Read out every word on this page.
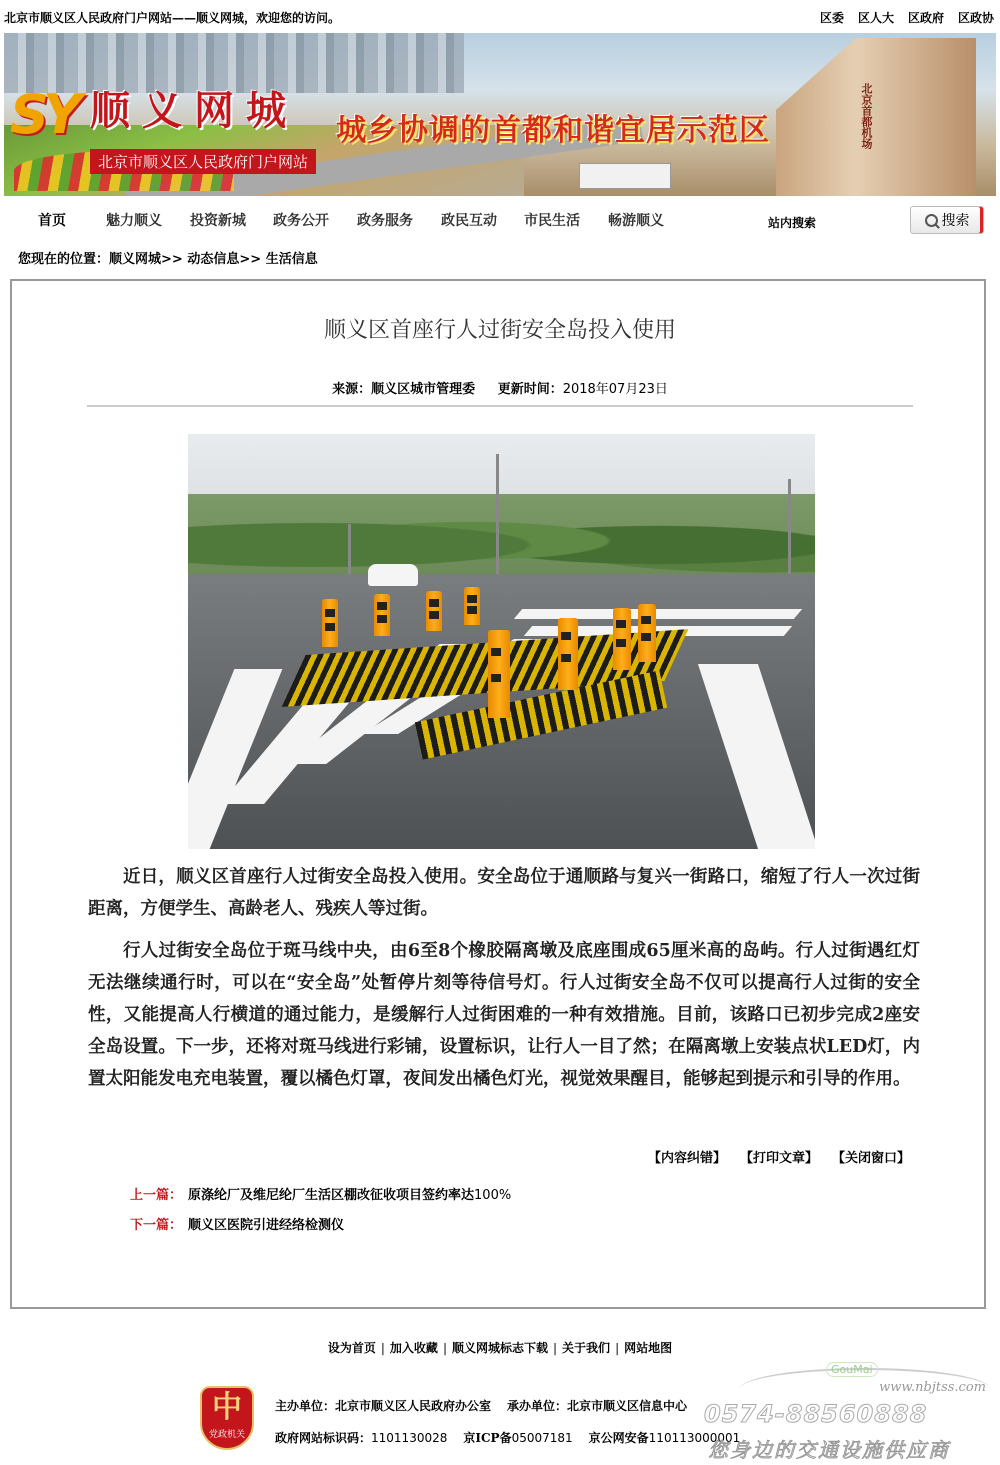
北京市顺义区人民政府门户网站——顺义网城，欢迎您的访问。	区委 区人大 区政府 区政协
北京首都机场
SY 顺义网城
北京市顺义区人民政府门户网站
城乡协调的首都和谐宜居示范区
首页	魅力顺义 投资新城 政务公开 政务服务 政民互动 市民生活 畅游顺义	站内搜索	搜索
您现在的位置：顺义网城>> 动态信息>> 生活信息
顺义区首座行人过街安全岛投入使用
来源：顺义区城市管理委 更新时间：2018年07月23日

近日，顺义区首座行人过街安全岛投入使用。安全岛位于通顺路与复兴一街路口，缩短了行人一次过街距离，方便学生、高龄老人、残疾人等过街。

行人过街安全岛位于斑马线中央，由6至8个橡胶隔离墩及底座围成65厘米高的岛屿。行人过街遇红灯无法继续通行时，可以在“安全岛”处暂停片刻等待信号灯。行人过街安全岛不仅可以提高行人过街的安全性，又能提高人行横道的通过能力，是缓解行人过街困难的一种有效措施。目前，该路口已初步完成2座安全岛设置。下一步，还将对斑马线进行彩铺，设置标识，让行人一目了然；在隔离墩上安装点状LED灯，内置太阳能发电充电装置，覆以橘色灯罩，夜间发出橘色灯光，视觉效果醒目，能够起到提示和引导的作用。

【内容纠错】 【打印文章】 【关闭窗口】
上一篇： 原涤纶厂及维尼纶厂生活区棚改征收项目签约率达100%
下一篇： 顺义区医院引进经络检测仪
设为首页 | 加入收藏 | 顺义网城标志下载 | 关于我们 | 网站地图
中
党政机关
主办单位：北京市顺义区人民政府办公室 承办单位：北京市顺义区信息中心
政府网站标识码：1101130028 京ICP备05007181 京公网安备110113000001
GouMai
www.nbjtss.com
0574-88560888
您身边的交通设施供应商
